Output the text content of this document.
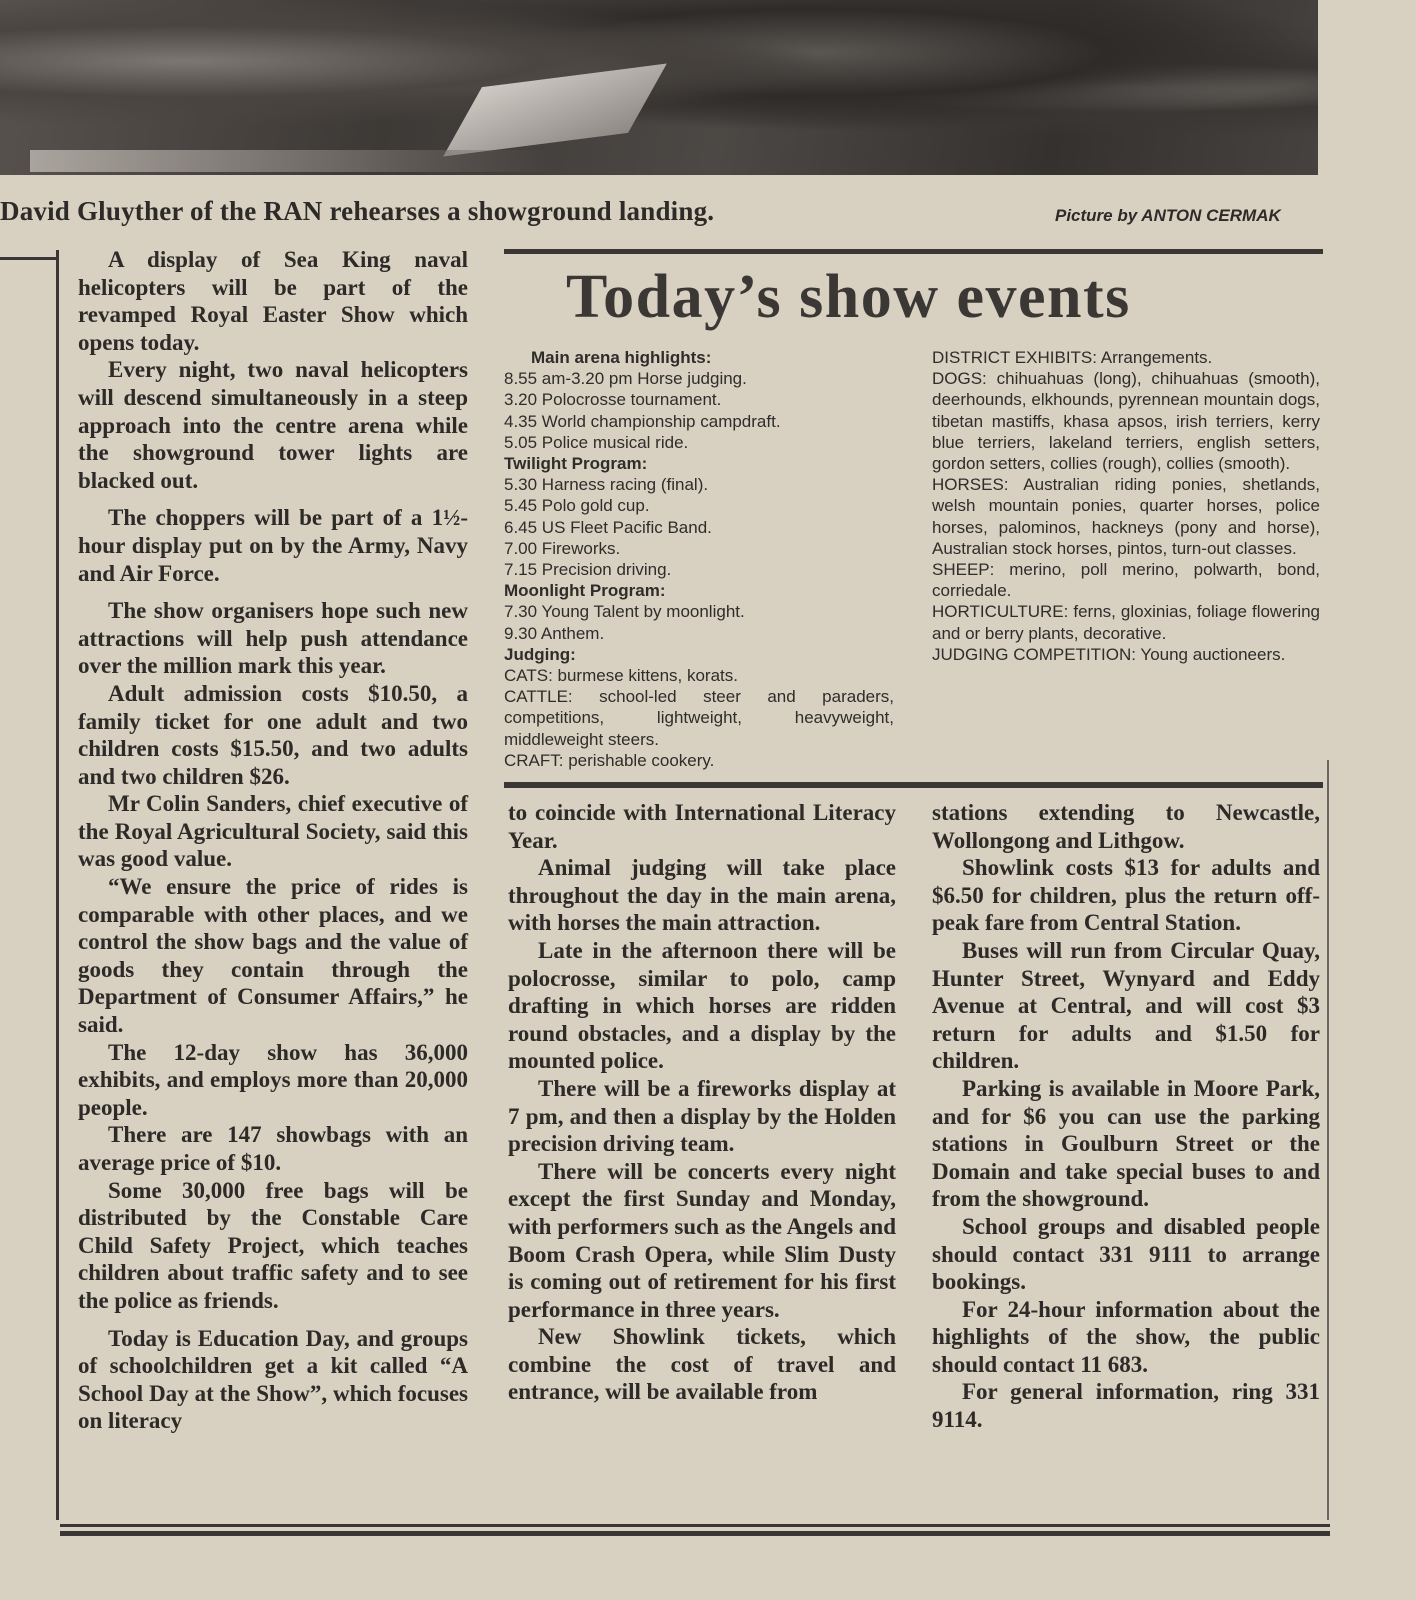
David Gluyther of the RAN rehearses a showground landing.	Picture by ANTON CERMAK

A display of Sea King naval helicopters will be part of the revamped Royal Easter Show which opens today.

Every night, two naval helicopters will descend simultaneously in a steep approach into the centre arena while the showground tower lights are blacked out.

The choppers will be part of a 1½-hour display put on by the Army, Navy and Air Force.

The show organisers hope such new attractions will help push attendance over the million mark this year.

Adult admission costs $10.50, a family ticket for one adult and two children costs $15.50, and two adults and two children $26.

Mr Colin Sanders, chief executive of the Royal Agricultural Society, said this was good value.

“We ensure the price of rides is comparable with other places, and we control the show bags and the value of goods they contain through the Department of Consumer Affairs,” he said.

The 12-day show has 36,000 exhibits, and employs more than 20,000 people.

There are 147 showbags with an average price of $10.

Some 30,000 free bags will be distributed by the Constable Care Child Safety Project, which teaches children about traffic safety and to see the police as friends.

Today is Education Day, and groups of schoolchildren get a kit called “A School Day at the Show”, which focuses on literacy

Today’s show events
Main arena highlights:
8.55 am-3.20 pm Horse judging.
3.20 Polocrosse tournament.
4.35 World championship campdraft.
5.05 Police musical ride.
Twilight Program:
5.30 Harness racing (final).
5.45 Polo gold cup.
6.45 US Fleet Pacific Band.
7.00 Fireworks.
7.15 Precision driving.
Moonlight Program:
7.30 Young Talent by moonlight.
9.30 Anthem.
Judging:
CATS: burmese kittens, korats.
CATTLE: school-led steer and paraders, competitions, lightweight, heavyweight, middleweight steers.
CRAFT: perishable cookery.
DISTRICT EXHIBITS: Arrangements.
DOGS: chihuahuas (long), chihuahuas (smooth), deerhounds, elkhounds, pyrennean mountain dogs, tibetan mastiffs, khasa apsos, irish terriers, kerry blue terriers, lakeland terriers, english setters, gordon setters, collies (rough), collies (smooth).
HORSES: Australian riding ponies, shetlands, welsh mountain ponies, quarter horses, police horses, palominos, hackneys (pony and horse), Australian stock horses, pintos, turn-out classes.
SHEEP: merino, poll merino, polwarth, bond, corriedale.
HORTICULTURE: ferns, gloxinias, foliage flowering and or berry plants, decorative.
JUDGING COMPETITION: Young auctioneers.

to coincide with International Literacy Year.

Animal judging will take place throughout the day in the main arena, with horses the main attraction.

Late in the afternoon there will be polocrosse, similar to polo, camp drafting in which horses are ridden round obstacles, and a display by the mounted police.

There will be a fireworks display at 7 pm, and then a display by the Holden precision driving team.

There will be concerts every night except the first Sunday and Monday, with performers such as the Angels and Boom Crash Opera, while Slim Dusty is coming out of retirement for his first performance in three years.

New Showlink tickets, which combine the cost of travel and entrance, will be available from

stations extending to Newcastle, Wollongong and Lithgow.

Showlink costs $13 for adults and $6.50 for children, plus the return off-peak fare from Central Station.

Buses will run from Circular Quay, Hunter Street, Wynyard and Eddy Avenue at Central, and will cost $3 return for adults and $1.50 for children.

Parking is available in Moore Park, and for $6 you can use the parking stations in Goulburn Street or the Domain and take special buses to and from the showground.

School groups and disabled people should contact 331 9111 to arrange bookings.

For 24-hour information about the highlights of the show, the public should contact 11 683.

For general information, ring 331 9114.
